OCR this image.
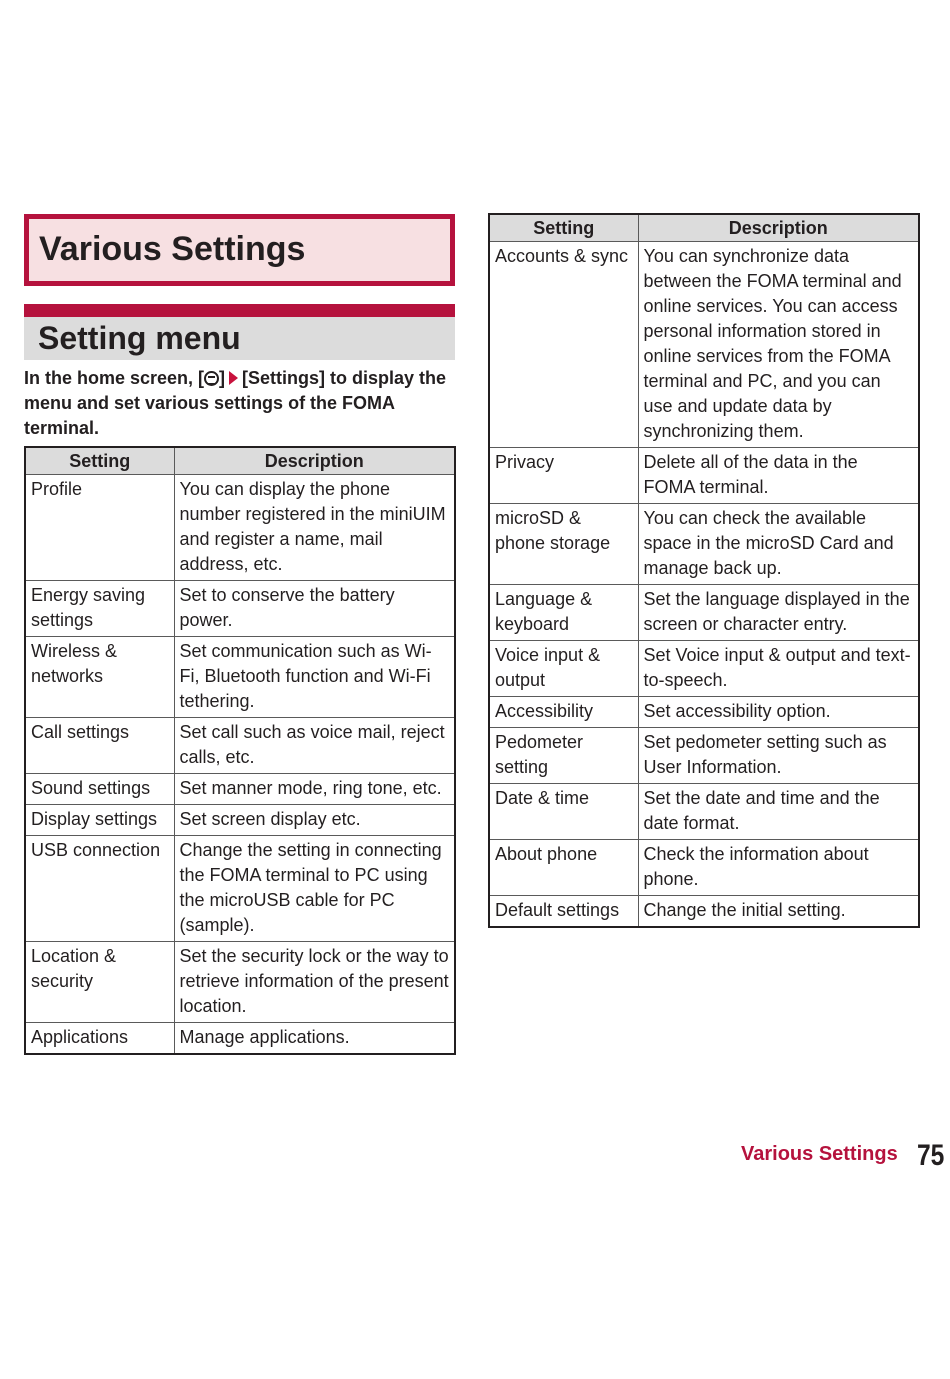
Various Settings
Setting menu
In the home screen, [ ] [Settings] to display the menu and set various settings of the FOMA terminal.
Setting	Description
Profile	You can display the phone number registered in the miniUIM and register a name, mail address, etc.
Energy saving settings	Set to conserve the battery power.
Wireless & networks	Set communication such as Wi-Fi, Bluetooth function and Wi-Fi tethering.
Call settings	Set call such as voice mail, reject calls, etc.
Sound settings	Set manner mode, ring tone, etc.
Display settings	Set screen display etc.
USB connection	Change the setting in connecting the FOMA terminal to PC using the microUSB cable for PC (sample).
Location & security	Set the security lock or the way to retrieve information of the present location.
Applications	Manage applications.
Setting	Description
Accounts & sync	You can synchronize data between the FOMA terminal and online services. You can access personal information stored in online services from the FOMA terminal and PC, and you can use and update data by synchronizing them.
Privacy	Delete all of the data in the FOMA terminal.
microSD & phone storage	You can check the available space in the microSD Card and manage back up.
Language & keyboard	Set the language displayed in the screen or character entry.
Voice input & output	Set Voice input & output and text-to-speech.
Accessibility	Set accessibility option.
Pedometer setting	Set pedometer setting such as User Information.
Date & time	Set the date and time and the date format.
About phone	Check the information about phone.
Default settings	Change the initial setting.
Various Settings 75
